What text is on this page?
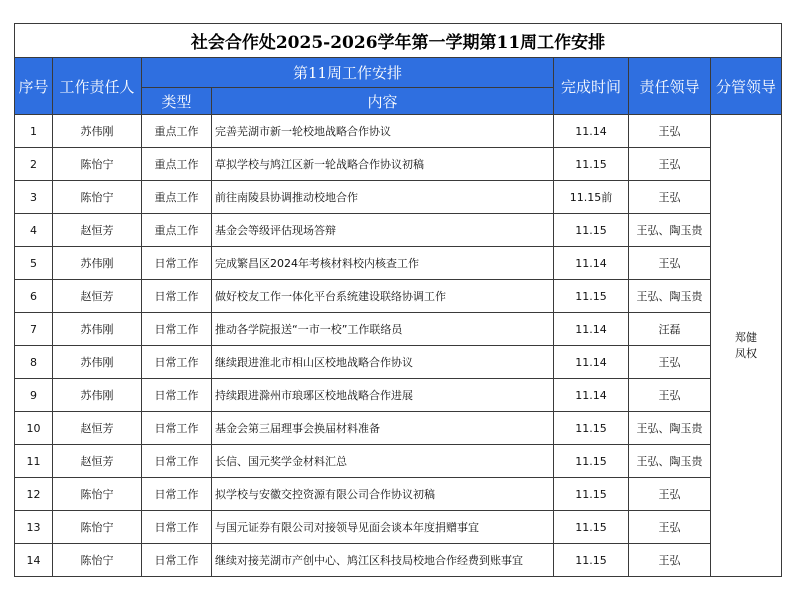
社会合作处2025-2026学年第一学期第11周工作安排						
序号	工作责任人	第11周工作安排		完成时间	责任领导	分管领导
		类型	内容			
1	苏伟刚	重点工作	完善芜湖市新一轮校地战略合作协议	11.14	王弘	郑健
凤权
2	陈怡宁	重点工作	草拟学校与鸠江区新一轮战略合作协议初稿	11.15	王弘	
3	陈怡宁	重点工作	前往南陵县协调推动校地合作	11.15前	王弘	
4	赵恒芳	重点工作	基金会等级评估现场答辩	11.15	王弘、陶玉贵	
5	苏伟刚	日常工作	完成繁昌区2024年考核材料校内核查工作	11.14	王弘	
6	赵恒芳	日常工作	做好校友工作一体化平台系统建设联络协调工作	11.15	王弘、陶玉贵	
7	苏伟刚	日常工作	推动各学院报送“一市一校”工作联络员	11.14	汪磊	
8	苏伟刚	日常工作	继续跟进淮北市相山区校地战略合作协议	11.14	王弘	
9	苏伟刚	日常工作	持续跟进滁州市琅琊区校地战略合作进展	11.14	王弘	
10	赵恒芳	日常工作	基金会第三届理事会换届材料准备	11.15	王弘、陶玉贵	
11	赵恒芳	日常工作	长信、国元奖学金材料汇总	11.15	王弘、陶玉贵	
12	陈怡宁	日常工作	拟学校与安徽交控资源有限公司合作协议初稿	11.15	王弘	
13	陈怡宁	日常工作	与国元证券有限公司对接领导见面会谈本年度捐赠事宜	11.15	王弘	
14	陈怡宁	日常工作	继续对接芜湖市产创中心、鸠江区科技局校地合作经费到账事宜	11.15	王弘	
